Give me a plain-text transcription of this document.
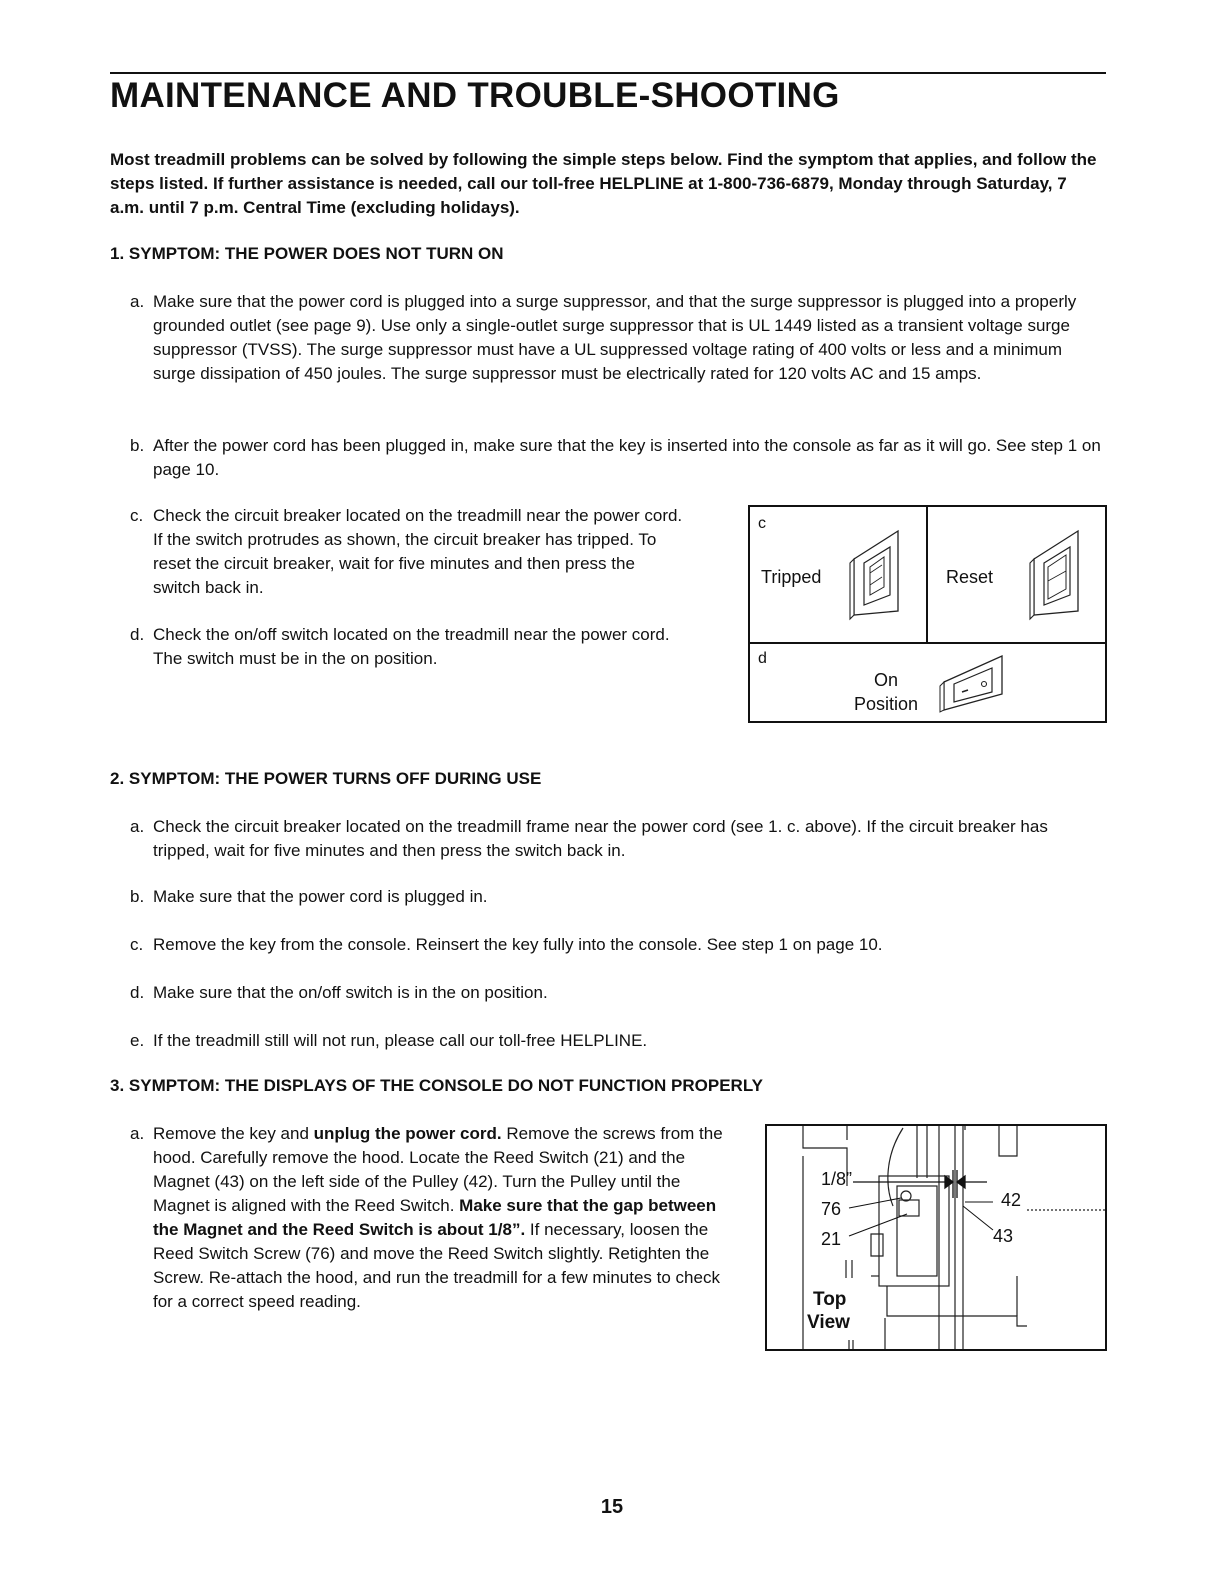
MAINTENANCE AND TROUBLE-SHOOTING

Most treadmill problems can be solved by following the simple steps below. Find the symptom that applies, and follow the steps listed. If further assistance is needed, call our toll-free HELPLINE at 1-800-736-6879, Monday through Saturday, 7 a.m. until 7 p.m. Central Time (excluding holidays).

1. SYMPTOM: THE POWER DOES NOT TURN ON

a. Make sure that the power cord is plugged into a surge suppressor, and that the surge suppressor is plugged into a properly grounded outlet (see page 9). Use only a single-outlet surge suppressor that is UL 1449 listed as a transient voltage surge suppressor (TVSS). The surge suppressor must have a UL suppressed voltage rating of 400 volts or less and a minimum surge dissipation of 450 joules. The surge suppressor must be electrically rated for 120 volts AC and 15 amps.
b. After the power cord has been plugged in, make sure that the key is inserted into the console as far as it will go. See step 1 on page 10.
c. Check the circuit breaker located on the treadmill near the power cord. If the switch protrudes as shown, the circuit breaker has tripped. To reset the circuit breaker, wait for five minutes and then press the switch back in.
d. Check the on/off switch located on the treadmill near the power cord. The switch must be in the on position.
c
Tripped	Reset
d
On
Position

2. SYMPTOM: THE POWER TURNS OFF DURING USE

a. Check the circuit breaker located on the treadmill frame near the power cord (see 1. c. above). If the circuit breaker has tripped, wait for five minutes and then press the switch back in.
b. Make sure that the power cord is plugged in.
c. Remove the key from the console. Reinsert the key fully into the console. See step 1 on page 10.
d. Make sure that the on/off switch is in the on position.
e. If the treadmill still will not run, please call our toll-free HELPLINE.

3. SYMPTOM: THE DISPLAYS OF THE CONSOLE DO NOT FUNCTION PROPERLY

a. Remove the key and unplug the power cord. Remove the screws from the hood. Carefully remove the hood. Locate the Reed Switch (21) and the Magnet (43) on the left side of the Pulley (42). Turn the Pulley until the Magnet is aligned with the Reed Switch. Make sure that the gap between the Magnet and the Reed Switch is about 1/8”. If necessary, loosen the Reed Switch Screw (76) and move the Reed Switch slightly. Retighten the Screw. Re-attach the hood, and run the treadmill for a few minutes to check for a correct speed reading.
1/8”
76
21
42
43
Top
View
15
